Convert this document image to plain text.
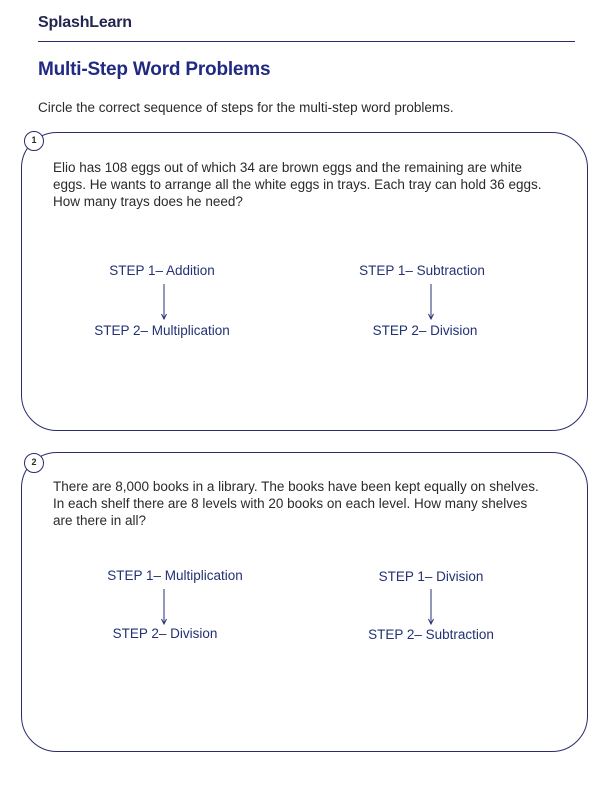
SplashLearn
Multi-Step Word Problems

Circle the correct sequence of steps for the multi-step word problems.

1

Elio has 108 eggs out of which 34 are brown eggs and the remaining are white eggs. He wants to arrange all the white eggs in trays. Each tray can hold 36 eggs. How many trays does he need?

STEP 1– Addition
STEP 2– Multiplication
STEP 1– Subtraction
STEP 2– Division
2

There are 8,000 books in a library. The books have been kept equally on shelves. In each shelf there are 8 levels with 20 books on each level. How many shelves are there in all?

STEP 1– Multiplication
STEP 2– Division
STEP 1– Division
STEP 2– Subtraction
